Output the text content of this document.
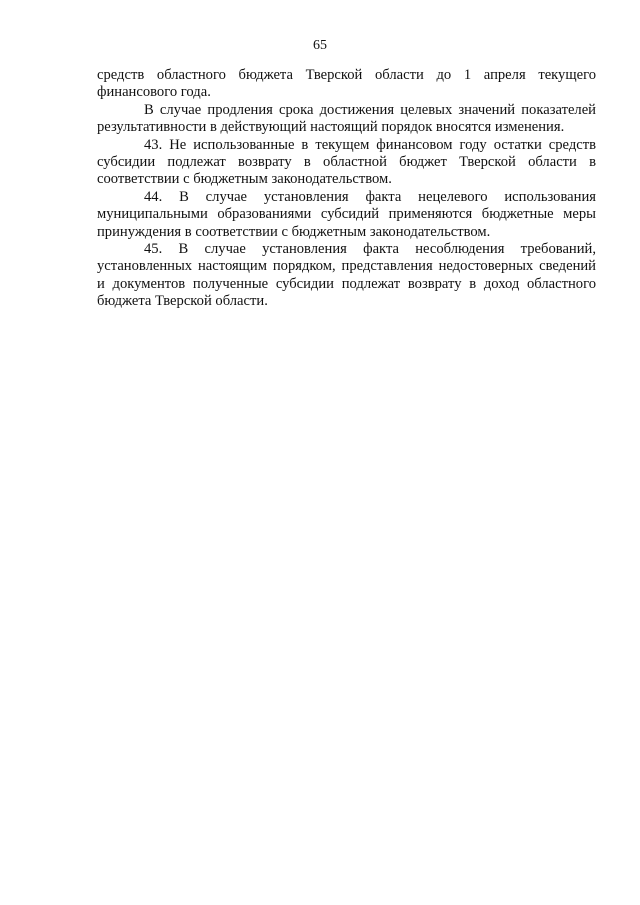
65

средств областного бюджета Тверской области до 1 апреля текущего финансового года.

В случае продления срока достижения целевых значений показателей результативности в действующий настоящий порядок вносятся изменения.

43. Не использованные в текущем финансовом году остатки средств субсидии подлежат возврату в областной бюджет Тверской области в соответствии с бюджетным законодательством.

44. В случае установления факта нецелевого использования муниципальными образованиями субсидий применяются бюджетные меры принуждения в соответствии с бюджетным законодательством.

45. В случае установления факта несоблюдения требований, установленных настоящим порядком, представления недостоверных сведений и документов полученные субсидии подлежат возврату в доход областного бюджета Тверской области.
